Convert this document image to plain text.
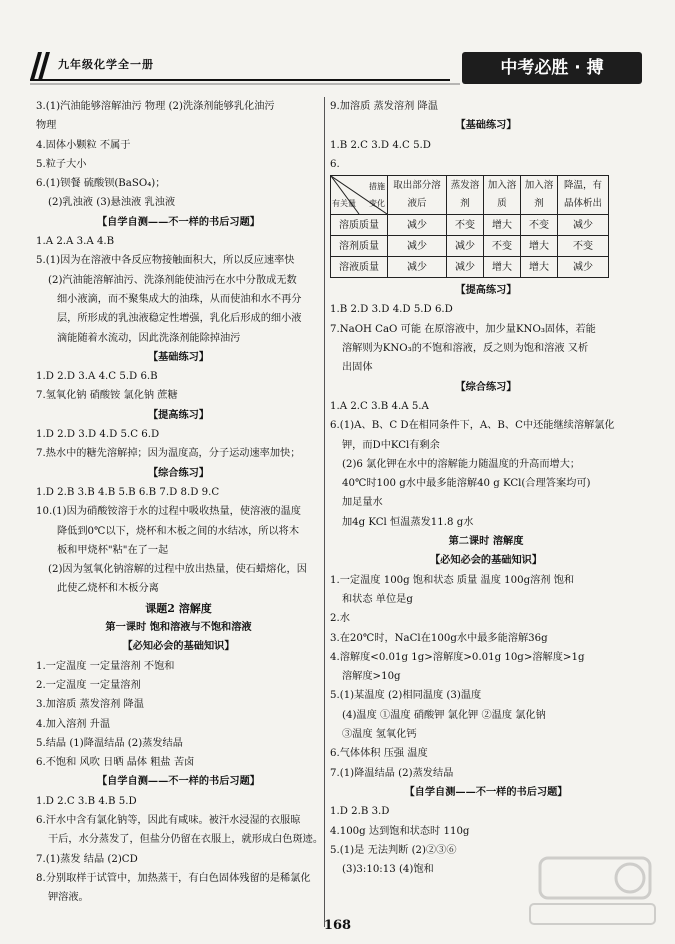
九年级化学全一册	中考必胜 · 搏
3.(1)汽油能够溶解油污 物理 (2)洗涤剂能够乳化油污
物理
4.固体小颗粒 不属于
5.粒子大小
6.(1)钡餐 硫酸钡(BaSO₄)；
(2)乳浊液 (3)悬浊液 乳浊液
【自学自测——不一样的书后习题】
1.A 2.A 3.A 4.B
5.(1)因为在溶液中各反应物接触面积大，所以反应速率快
(2)汽油能溶解油污、洗涤剂能使油污在水中分散成无数
细小液滴，而不聚集成大的油珠，从而使油和水不再分
层，所形成的乳浊液稳定性增强，乳化后形成的细小液
滴能随着水流动，因此洗涤剂能除掉油污
【基础练习】
1.D 2.D 3.A 4.C 5.D 6.B
7.氢氧化钠 硝酸铵 氯化钠 蔗糖
【提高练习】
1.D 2.D 3.D 4.D 5.C 6.D
7.热水中的糖先溶解掉；因为温度高，分子运动速率加快；
【综合练习】
1.D 2.B 3.B 4.B 5.B 6.B 7.D 8.D 9.C
10.(1)因为硝酸铵溶于水的过程中吸收热量，使溶液的温度
降低到0℃以下，烧杯和木板之间的水结冰，所以将木
板和甲烧杯"粘"在了一起
(2)因为氢氧化钠溶解的过程中放出热量，使石蜡熔化，因
此使乙烧杯和木板分离
课题2 溶解度
第一课时 饱和溶液与不饱和溶液
【必知必会的基础知识】
1.一定温度 一定量溶剂 不饱和
2.一定温度 一定量溶剂
3.加溶质 蒸发溶剂 降温
4.加入溶剂 升温
5.结晶 (1)降温结晶 (2)蒸发结晶
6.不饱和 风吹 日晒 晶体 粗盐 苦卤
【自学自测——不一样的书后习题】
1.D 2.C 3.B 4.B 5.D
6.汗水中含有氯化钠等，因此有咸味。被汗水浸湿的衣服晾
干后，水分蒸发了，但盐分仍留在衣服上，就形成白色斑迹。
7.(1)蒸发 结晶 (2)CD
8.分别取样于试管中，加热蒸干，有白色固体残留的是稀氯化
钾溶液。
9.加溶质 蒸发溶剂 降温
【基础练习】
1.B 2.C 3.D 4.C 5.D
6.
措施
变化
有关量	取出部分溶液后	蒸发溶剂	加入溶质	加入溶剂	降温，有晶体析出
溶质质量	减少	不变	增大	不变	减少
溶剂质量	减少	减少	不变	增大	不变
溶液质量	减少	减少	增大	增大	减少
【提高练习】
1.B 2.D 3.D 4.D 5.D 6.D
7.NaOH CaO 可能 在原溶液中，加少量KNO₃固体，若能
溶解则为KNO₃的不饱和溶液，反之则为饱和溶液 又析
出固体
【综合练习】
1.A 2.C 3.B 4.A 5.A
6.(1)A、B、C D在相同条件下，A、B、C中还能继续溶解氯化
钾，而D中KCl有剩余
(2)6 氯化钾在水中的溶解能力随温度的升高而增大；
40℃时100 g水中最多能溶解40 g KCl(合理答案均可)
加足量水
加4g KCl 恒温蒸发11.8 g水
第二课时 溶解度
【必知必会的基础知识】
1.一定温度 100g 饱和状态 质量 温度 100g溶剂 饱和
和状态 单位是g
2.水
3.在20℃时，NaCl在100g水中最多能溶解36g
4.溶解度<0.01g 1g>溶解度>0.01g 10g>溶解度>1g
溶解度>10g
5.(1)某温度 (2)相同温度 (3)温度
(4)温度 ①温度 硝酸钾 氯化钾 ②温度 氯化钠
③温度 氢氧化钙
6.气体体积 压强 温度
7.(1)降温结晶 (2)蒸发结晶
【自学自测——不一样的书后习题】
1.D 2.B 3.D
4.100g 达到饱和状态时 110g
5.(1)是 无法判断 (2)②③⑥
(3)3:10:13 (4)饱和
168
